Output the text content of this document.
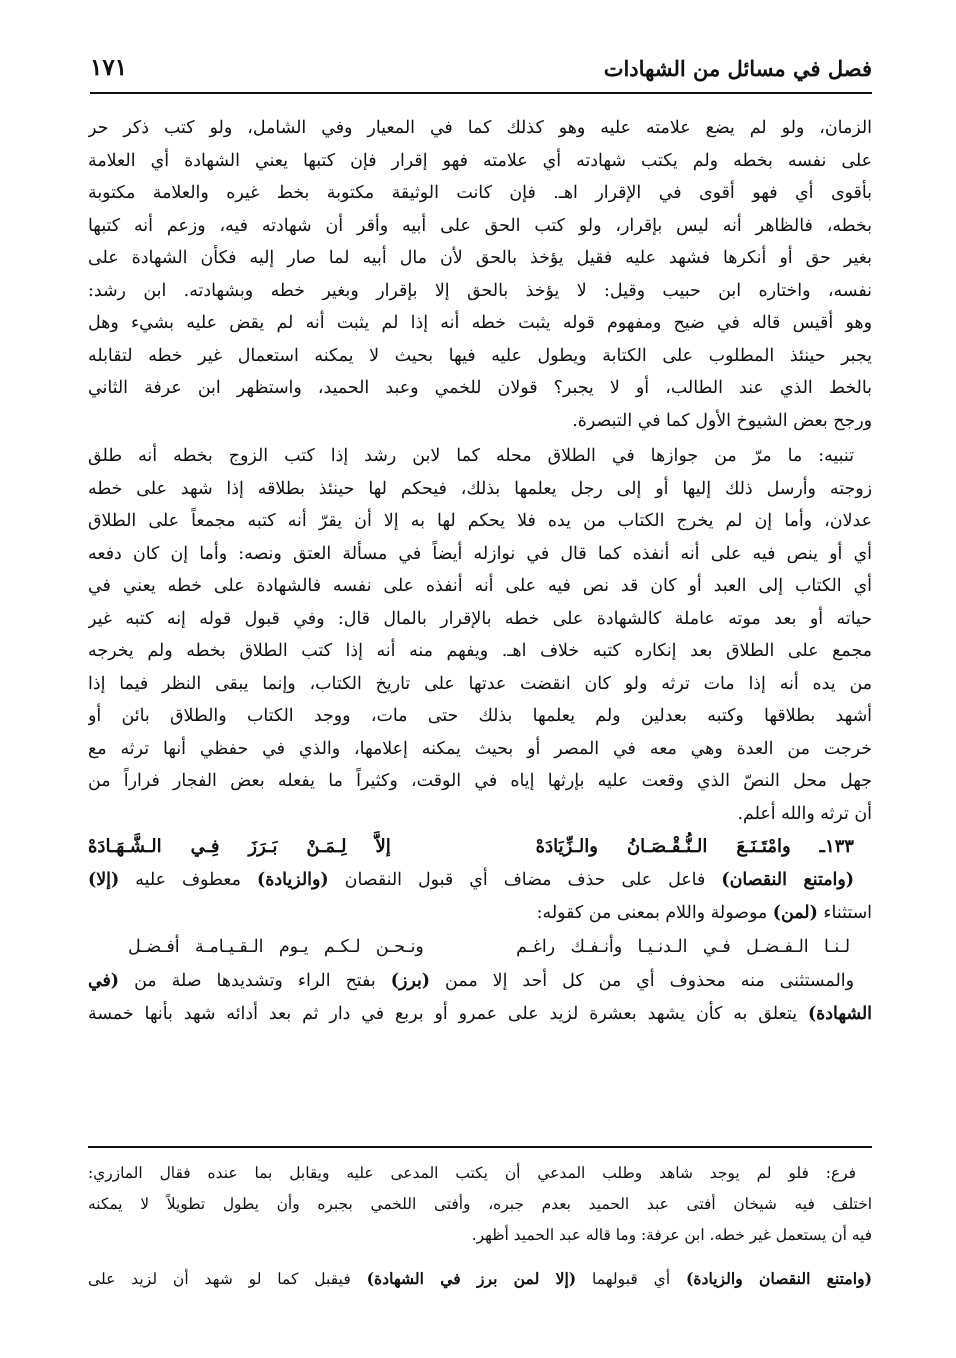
فصل في مسائل من الشهادات
١٧١

الزمان، ولو لم يضع علامته عليه وهو كذلك كما في المعيار وفي الشامل، ولو كتب ذكر حر

على نفسه بخطه ولم يكتب شهادته أي علامته فهو إقرار فإن كتبها يعني الشهادة أي العلامة

بأقوى أي فهو أقوى في الإقرار اهـ. فإن كانت الوثيقة مكتوبة بخط غيره والعلامة مكتوبة

بخطه، فالظاهر أنه ليس بإقرار، ولو كتب الحق على أبيه وأقر أن شهادته فيه، وزعم أنه كتبها

بغير حق أو أنكرها فشهد عليه فقيل يؤخذ بالحق لأن مال أبيه لما صار إليه فكأن الشهادة على

نفسه، واختاره ابن حبيب وقيل: لا يؤخذ بالحق إلا بإقرار وبغير خطه وبشهادته. ابن رشد:

وهو أقيس قاله في ضيح ومفهوم قوله يثبت خطه أنه إذا لم يثبت أنه لم يقض عليه بشيء وهل

يجبر حينئذ المطلوب على الكتابة ويطول عليه فيها بحيث لا يمكنه استعمال غير خطه لتقابله

بالخط الذي عند الطالب، أو لا يجبر؟ قولان للخمي وعبد الحميد، واستظهر ابن عرفة الثاني

ورجح بعض الشيوخ الأول كما في التبصرة.

تنبيه: ما مرّ من جوازها في الطلاق محله كما لابن رشد إذا كتب الزوج بخطه أنه طلق

زوجته وأرسل ذلك إليها أو إلى رجل يعلمها بذلك، فيحكم لها حينئذ بطلاقه إذا شهد على خطه

عدلان، وأما إن لم يخرج الكتاب من يده فلا يحكم لها به إلا أن يقرّ أنه كتبه مجمعاً على الطلاق

أي أو ينص فيه على أنه أنفذه كما قال في نوازله أيضاً في مسألة العتق ونصه: وأما إن كان دفعه

أي الكتاب إلى العبد أو كان قد نص فيه على أنه أنفذه على نفسه فالشهادة على خطه يعني في

حياته أو بعد موته عاملة كالشهادة على خطه بالإقرار بالمال قال: وفي قبول قوله إنه كتبه غير

مجمع على الطلاق بعد إنكاره كتبه خلاف اهـ. ويفهم منه أنه إذا كتب الطلاق بخطه ولم يخرجه

من يده أنه إذا مات ترثه ولو كان انقضت عدتها على تاريخ الكتاب، وإنما يبقى النظر فيما إذا

أشهد بطلاقها وكتبه بعدلين ولم يعلمها بذلك حتى مات، ووجد الكتاب والطلاق بائن أو

خرجت من العدة وهي معه في المصر أو بحيث يمكنه إعلامها، والذي في حفظي أنها ترثه مع

جهل محل النصّ الذي وقعت عليه بإرثها إياه في الوقت، وكثيراً ما يفعله بعض الفجار فراراً من

أن ترثه والله أعلم.

١٣٣ـ وامْتَـنَـعَ الـنُّـقْـصَـانُ والـزِّيَادَهْ     إلاَّ لِـمَـنْ بَـرَزَ فِـي الـشَّـهَـادَهْ

(وامتنع النقصان) فاعل على حذف مضاف أي قبول النقصان (والزيادة) معطوف عليه (إلا)

استثناء (لمن) موصولة واللام بمعنى من كقوله:

لـنـا الـفـضـل فـي الـدنـيـا وأنـفـك راغـم      ونـحـن لـكـم يـوم الـقـيـامـة أفـضـل

والمستثنى منه محذوف أي من كل أحد إلا ممن (برز) بفتح الراء وتشديدها صلة من (في

الشهادة) يتعلق به كأن يشهد بعشرة لزيد على عمرو أو بربع في دار ثم بعد أدائه شهد بأنها خمسة

فرع: فلو لم يوجد شاهد وطلب المدعي أن يكتب المدعى عليه ويقابل بما عنده فقال المازري:

اختلف فيه شيخان أفتى عبد الحميد بعدم جبره، وأفتى اللخمي بجبره وأن يطول تطويلاً لا يمكنه

فيه أن يستعمل غير خطه. ابن عرفة: وما قاله عبد الحميد أظهر.

(وامتنع النقصان والزيادة) أي قبولهما (إلا لمن برز في الشهادة) فيقبل كما لو شهد أن لزيد على
